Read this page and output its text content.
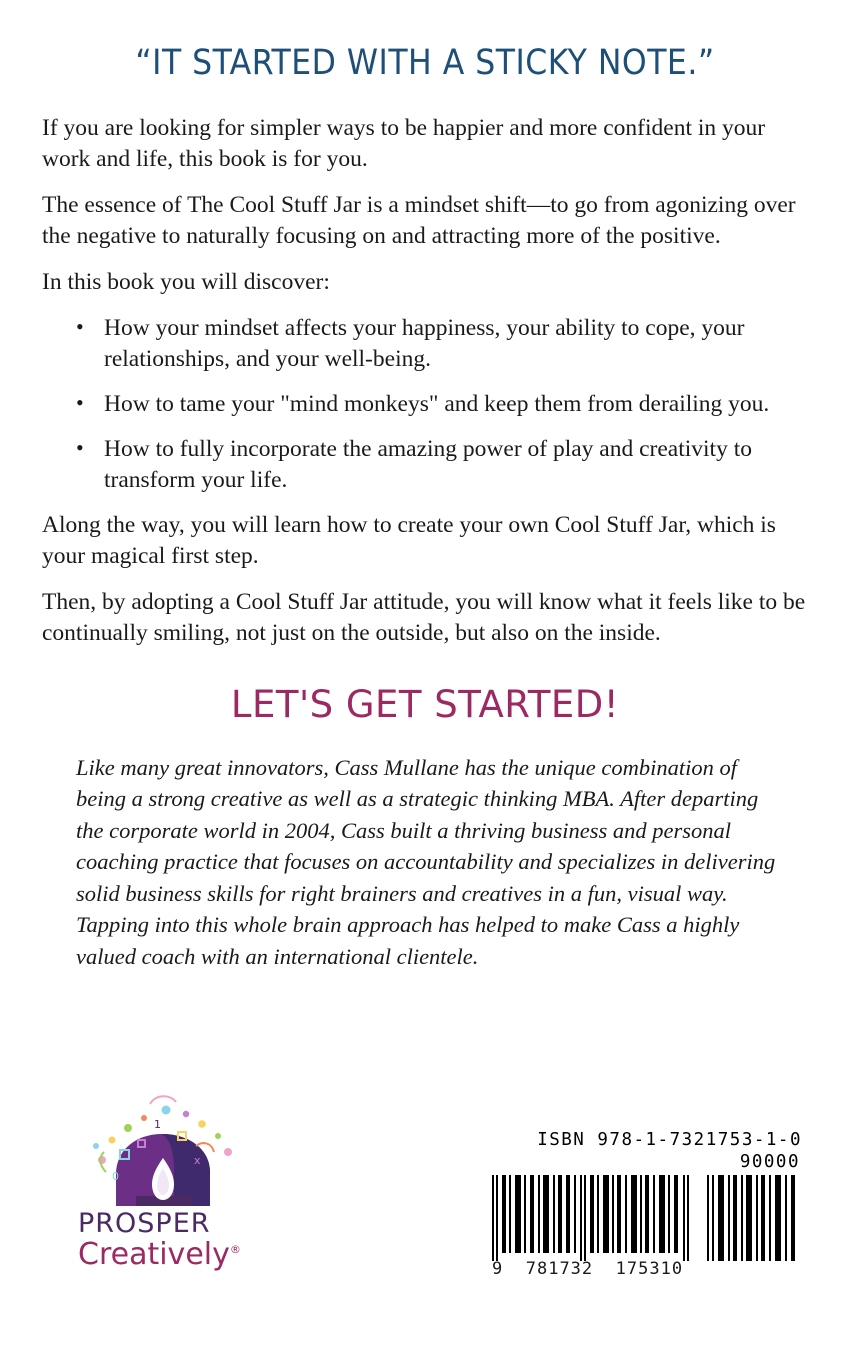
“IT STARTED WITH A STICKY NOTE.”

If you are looking for simpler ways to be happier and more confident in your work and life, this book is for you.

The essence of The Cool Stuff Jar is a mindset shift—to go from agonizing over the negative to naturally focusing on and attracting more of the positive.

In this book you will discover:

• How your mindset affects your happiness, your ability to cope, your relationships, and your well-being.
• How to tame your "mind monkeys" and keep them from derailing you.
• How to fully incorporate the amazing power of play and creativity to transform your life.

Along the way, you will learn how to create your own Cool Stuff Jar, which is your magical first step.

Then, by adopting a Cool Stuff Jar attitude, you will know what it feels like to be continually smiling, not just on the outside, but also on the inside.

LET'S GET STARTED!

Like many great innovators, Cass Mullane has the unique combination of being a strong creative as well as a strategic thinking MBA. After departing the corporate world in 2004, Cass built a thriving business and personal coaching practice that focuses on accountability and specializes in delivering solid business skills for right brainers and creatives in a fun, visual way. Tapping into this whole brain approach has helped to make Cass a highly valued coach with an international clientele.

0
1
0
x
PROSPER
Creatively®
ISBN 978-1-7321753-1-0
90000
9 781732 175310
